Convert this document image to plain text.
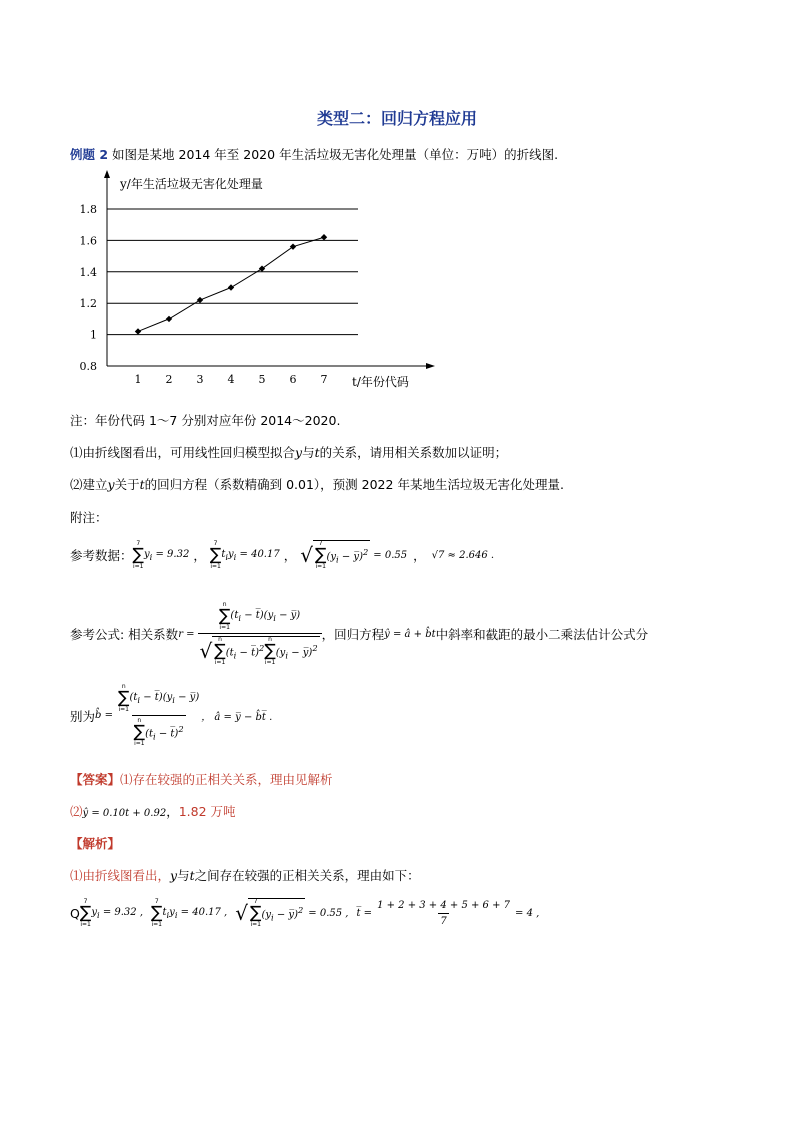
类型二：回归方程应用
例题 2 如图是某地 2014 年至 2020 年生活垃圾无害化处理量（单位：万吨）的折线图.
0.8
1
1.2
1.4
1.6
1.8
1 2 3 4 5 6 7
y/年生活垃圾无害化处理量
t/年份代码
注：年份代码 1～7 分别对应年份 2014～2020.
⑴由折线图看出，可用线性回归模型拟合y与t的关系，请用相关系数加以证明；
⑵建立y关于t的回归方程（系数精确到 0.01），预测 2022 年某地生活垃圾无害化处理量.
附注：
参考数据：
7
∑
i=1
$y_i = 9.32$ ，
7
∑
i=1
$t_iy_i = 40.17$ ， √ 7
∑
i=1
($y_i$ − y̅)$^2$ = 0.55 ， √7 ≈ 2.646 .
参考公式: 相关系数 r =
n
∑
i=1
($t_i$ − $t̅)(y_i$ − y̅)
√ n
∑
i=1
($t_i$ − t̅)$^2$
n
∑
i=1
($y_i$ − y̅)$^2$
，回归方程 ŷ = â + b̂t 中斜率和截距的最小二乘法估计公式分
别为 b̂ = n
∑
i=1
($t_i$ − $t̅)(y_i$ − y̅)
n
∑
i=1
($t_i$ − t̅)$^2$ ， â = y̅ − b̂t̅ .
【答案】⑴存在较强的正相关关系，理由见解析
⑵ŷ = 0.10t + 0.92，1.82 万吨
【解析】
⑴由折线图看出，y与t之间存在较强的正相关关系，理由如下：
Q
7
∑
i=1
$y_i = 9.32$ ,
7
∑
i=1
$t_iy_i = 40.17$ , √ 7
∑
i=1
($y_i$ − y̅)$^2$ = 0.55 , t̅ = $\frac{1 + 2 + 3 + 4 + 5 + 6 + 7}{7} = 4$ ,
